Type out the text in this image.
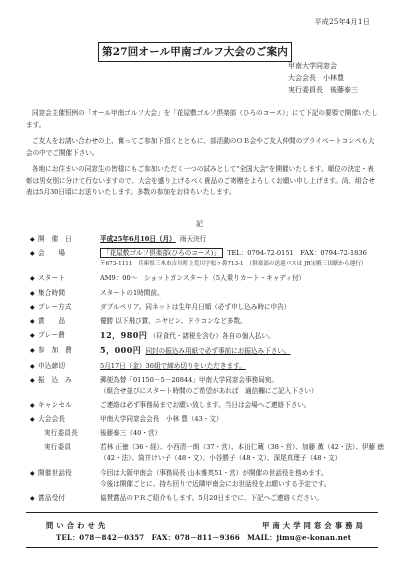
平成25年4月1日
第27回オール甲南ゴルフ大会のご案内
甲南大学同窓会
大会会長　小林豊
実行委員長　後藤泰三
同窓会主催恒例の「オール甲南ゴルフ大会」を「花屋敷ゴルフ倶楽部（ひろのコース）」にて下記の要領で開催いたします。
ご友人をお誘い合わせの上、奮ってご参加下頂くとともに、部活動のＯＢ会やご友人仲間のプライベートコンペも大会の中でご開催下さい。
各地にお住まいの同窓生の皆様にもご参加いただく一つの試みとして"全国大会"を開催いたします。順位の決定・表彰は男女別に分けて行ないますので、大会を盛り上げるべく貴品のご寄贈をよろしくお願い申し上げます。尚、組合せ表は5月30日頃にお送りいたします。多数の参加をお待ちいたします。
記
◆ 開　催　日	平成25年6月10日（月） 雨天決行
◆ 会　　場	「花屋敷ゴルフ倶楽部(ひろのコース)」 TEL：0794-72-0151　FAX：0794-72-1836
〒673-1111　兵庫県三木市吉川町上荒川字松ヶ鼻713-1　（倶楽部の送迎バスは JR宝殿三田駅から運行）
◆ スタート	AM9：00～　ショットガンスタート（5人乗りカート・キャディ付）
◆ 集合時間	スタートの1時間前。
◆ プレー方式	ダブルペリア。同ネットは生年月日順（必ず申し込み時に申告）
◆ 賞　　品	優勝 以下飛び賞、ニヤピン、ドラコンなど多数。
◆ プレー費	12，980円 （昼食代・諸税を含む）各自の個人払い。
◆ 参　加　費	5，000円 同封の振込み用紙で必ず事前にお振込み下さい。
◆ 申込締切	5月17日（金）36組で締め切りをいただきます。
◆ 振　込　み	郵便為替「01150－5－20844」甲南大学同窓会事務局宛。
（組合せ並びにスタート時間のご希望があれば　通信欄にご記入下さい）
◆ キャンセル	ご連絡は必ず事務局までお願い致します。当日は会場へご連絡下さい。
◆ 大会会長	甲南大学同窓会会長　小林 豊（43・文）
実行委員長	後藤泰三（40・営）
実行委員	若林 正徳（36・経）、小西清一朗（37・営）、本田仁蔵（38・営）、加藤 薫（42・法）、伊藤 徳（42・法）、筒井けい子（48・文）、小谷勝子（48・文）、深尾真理子（48・文）
◆ 開催世話役	今回は大阪甲南会（事務局長 山本雅英51・営）が開催の世話役を務めます。
今後は開催ごとに、持ち回りで近隣甲南会にお世話役をお願いする予定です。
◆ 賞品受付	協賛賞品のＰＲご紹介もします。5月20日までに、下記へご連絡ください。
問い合わせ先	甲南大学同窓会事務局
TEL：078－842－0357　FAX：078－811－9366　MAIL：jimu@e-konan.net
